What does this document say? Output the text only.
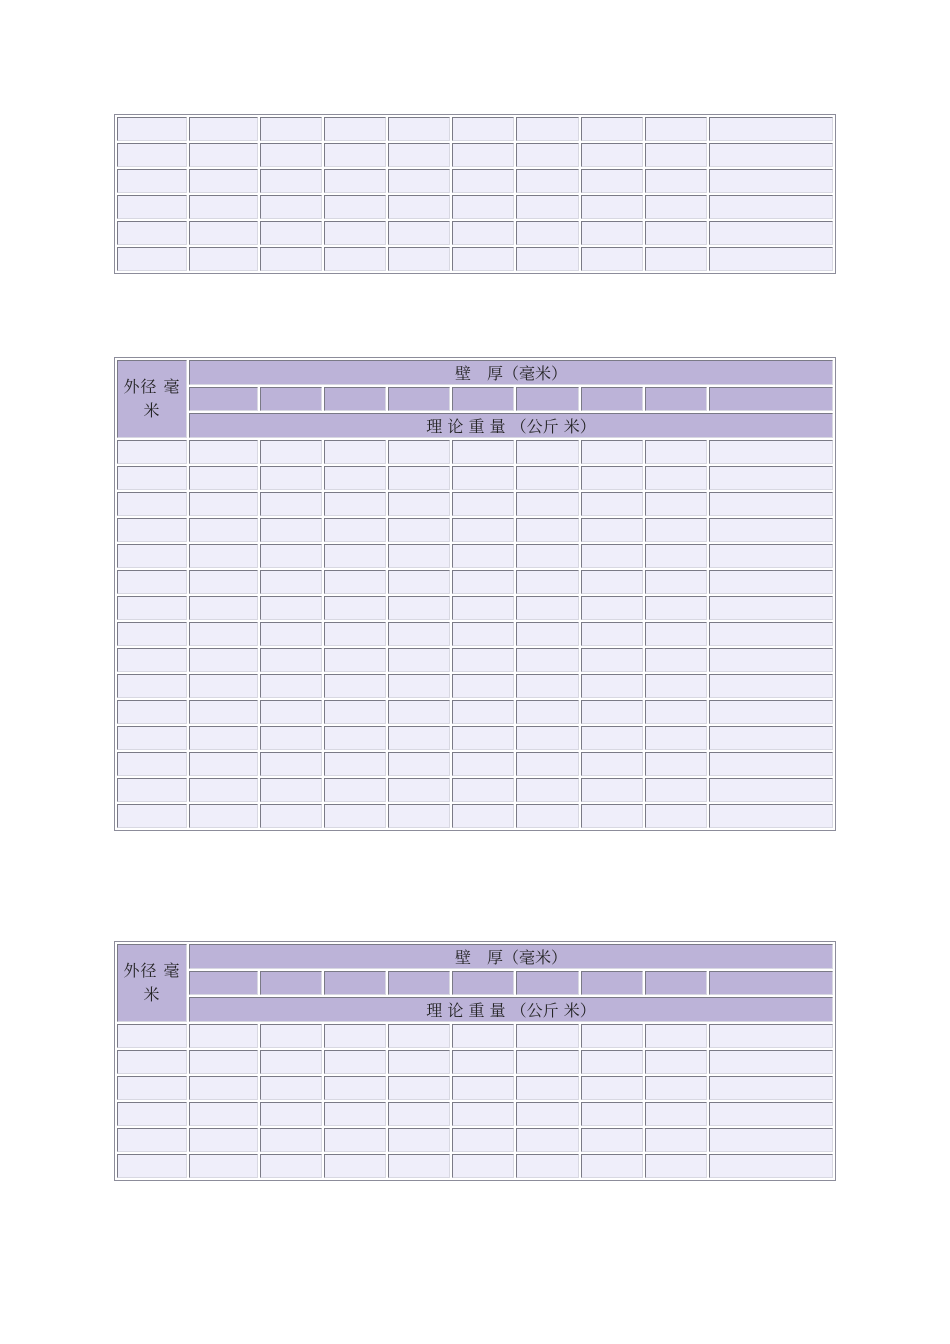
外径 毫米	壁　厚（毫米）								

	理 论 重 量 （公斤 米）								

外径 毫米	壁　厚（毫米）								

	理 论 重 量 （公斤 米）								
